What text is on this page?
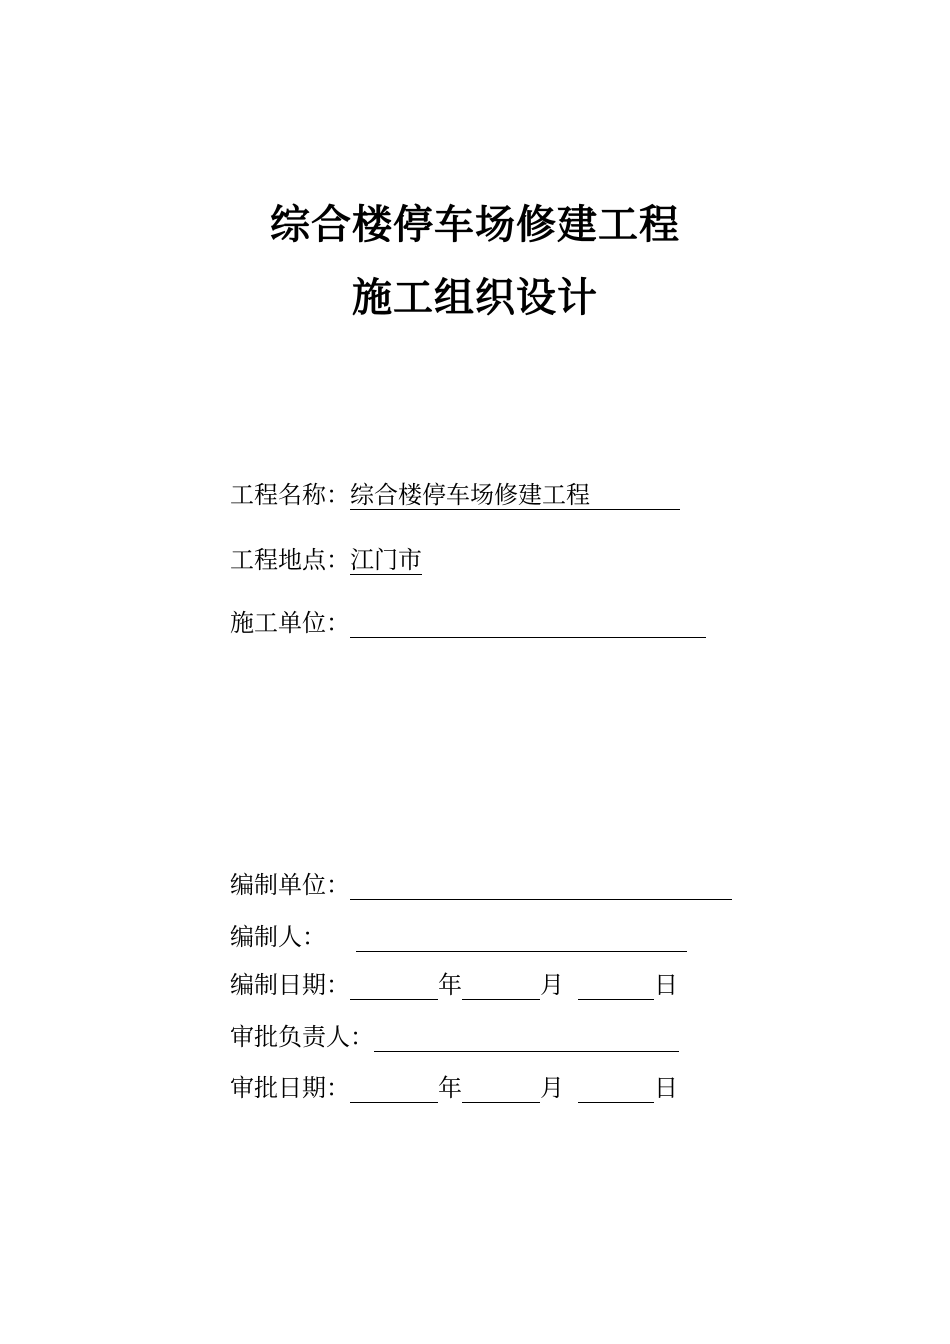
综合楼停车场修建工程
施工组织设计
工程名称： 综合楼停车场修建工程
工程地点： 江门市
施工单位：
编制单位：
编制人：
编制日期：	年	月	日
审批负责人：
审批日期：	年	月	日
